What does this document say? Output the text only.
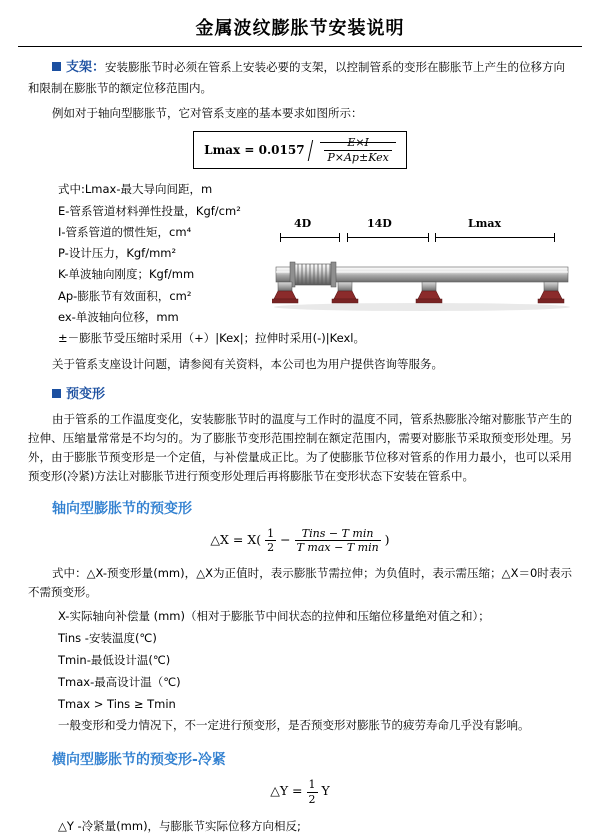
金属波纹膨胀节安装说明
支架：安装膨胀节时必须在管系上安装必要的支架，以控制管系的变形在膨胀节上产生的位移方向和限制在膨胀节的额定位移范围内。

例如对于轴向型膨胀节，它对管系支座的基本要求如图所示：

$Lmax = 0.0157 \frac{E\times I}{\text{P×Ap±Kex}}$
式中:Lmax-最大导向间距，m
E-管系管道材料弹性投量，Kgf/cm²
I-管系管道的惯性矩，cm⁴
P-设计压力，Kgf/mm²
K-单波轴向刚度；Kgf/mm
Ap-膨胀节有效面积，cm²
ex-单波轴向位移，mm
±－膨胀节受压缩时采用（+）|Kex|；拉伸时采用(-)|Kexl。
4D	14D	Lmax

关于管系支座设计问题，请参阅有关资料，本公司也为用户提供咨询等服务。

预变形

由于管系的工作温度变化，安装膨胀节时的温度与工作时的温度不同，管系热膨胀冷缩对膨胀节产生的拉伸、压缩量常常是不均匀的。为了膨胀节变形范围控制在额定范围内，需要对膨胀节采取预变形处理。另外，由于膨胀节预变形是一个定值，与补偿量成正比。为了使膨胀节位移对管系的作用力最小，也可以采用预变形(冷紧)方法让对膨胀节进行预变形处理后再将膨胀节在变形状态下安装在管系中。

轴向型膨胀节的预变形
△X = $X( \frac{1}{2} - \frac{\text{Tins − T min}}{\text{T max − T min}}$ )

式中：△X-预变形量(mm)，△X为正值时，表示膨胀节需拉伸；为负值时，表示需压缩；△X＝0时表示不需预变形。

X-实际轴向补偿量 (mm)（相对于膨胀节中间状态的拉伸和压缩位移量绝对值之和）；
Tins -安装温度(℃)
Tmin-最低设计温(℃)
Tmax-最高设计温（℃)
Tmax > Tins ≥ Tmin
一般变形和受力情况下，不一定进行预变形，是否预变形对膨胀节的疲劳寿命几乎没有影响。
横向型膨胀节的预变形-冷紧
△Y = $\frac{1}{2}$ Y
△Y -冷紧量(mm)，与膨胀节实际位移方向相反;
